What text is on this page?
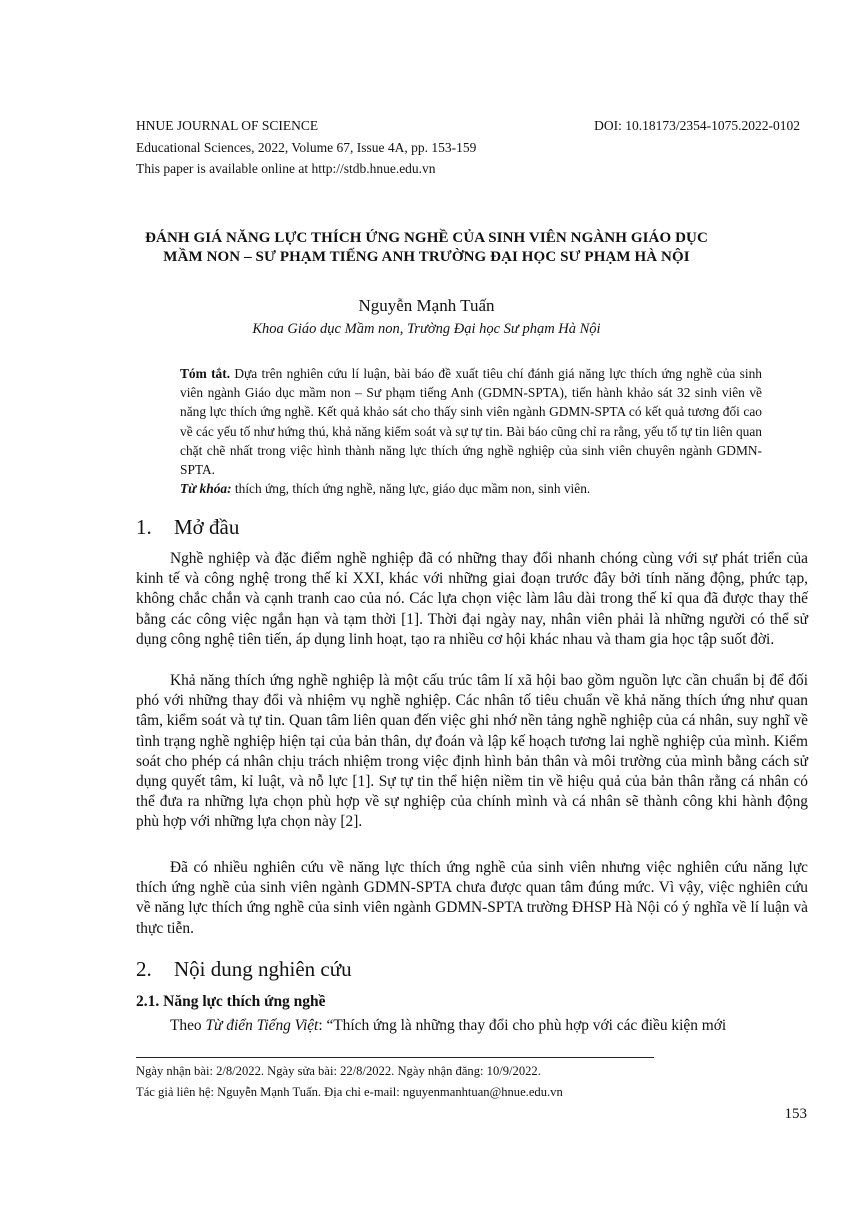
HNUE JOURNAL OF SCIENCE	DOI: 10.18173/2354-1075.2022-0102
Educational Sciences, 2022, Volume 67, Issue 4A, pp. 153-159
This paper is available online at http://stdb.hnue.edu.vn
ĐÁNH GIÁ NĂNG LỰC THÍCH ỨNG NGHỀ CỦA SINH VIÊN NGÀNH GIÁO DỤC
MẦM NON – SƯ PHẠM TIẾNG ANH TRƯỜNG ĐẠI HỌC SƯ PHẠM HÀ NỘI
Nguyễn Mạnh Tuấn
Khoa Giáo dục Mầm non, Trường Đại học Sư phạm Hà Nội
Tóm tắt. Dựa trên nghiên cứu lí luận, bài báo đề xuất tiêu chí đánh giá năng lực thích ứng nghề của sinh viên ngành Giáo dục mầm non – Sư phạm tiếng Anh (GDMN-SPTA), tiến hành khảo sát 32 sinh viên về năng lực thích ứng nghề. Kết quả khảo sát cho thấy sinh viên ngành GDMN-SPTA có kết quả tương đối cao về các yếu tố như hứng thú, khả năng kiểm soát và sự tự tin. Bài báo cũng chỉ ra rằng, yếu tố tự tin liên quan chặt chẽ nhất trong việc hình thành năng lực thích ứng nghề nghiệp của sinh viên chuyên ngành GDMN-SPTA.
Từ khóa: thích ứng, thích ứng nghề, năng lực, giáo dục mầm non, sinh viên.
1. Mở đầu

Nghề nghiệp và đặc điểm nghề nghiệp đã có những thay đổi nhanh chóng cùng với sự phát triển của kinh tế và công nghệ trong thế kỉ XXI, khác với những giai đoạn trước đây bởi tính năng động, phức tạp, không chắc chắn và cạnh tranh cao của nó. Các lựa chọn việc làm lâu dài trong thế kỉ qua đã được thay thế bằng các công việc ngắn hạn và tạm thời [1]. Thời đại ngày nay, nhân viên phải là những người có thể sử dụng công nghệ tiên tiến, áp dụng linh hoạt, tạo ra nhiều cơ hội khác nhau và tham gia học tập suốt đời.

Khả năng thích ứng nghề nghiệp là một cấu trúc tâm lí xã hội bao gồm nguồn lực cần chuẩn bị để đối phó với những thay đổi và nhiệm vụ nghề nghiệp. Các nhân tố tiêu chuẩn về khả năng thích ứng như quan tâm, kiểm soát và tự tin. Quan tâm liên quan đến việc ghi nhớ nền tảng nghề nghiệp của cá nhân, suy nghĩ về tình trạng nghề nghiệp hiện tại của bản thân, dự đoán và lập kế hoạch tương lai nghề nghiệp của mình. Kiểm soát cho phép cá nhân chịu trách nhiệm trong việc định hình bản thân và môi trường của mình bằng cách sử dụng quyết tâm, kỉ luật, và nỗ lực [1]. Sự tự tin thể hiện niềm tin về hiệu quả của bản thân rằng cá nhân có thể đưa ra những lựa chọn phù hợp về sự nghiệp của chính mình và cá nhân sẽ thành công khi hành động phù hợp với những lựa chọn này [2].

Đã có nhiều nghiên cứu về năng lực thích ứng nghề của sinh viên nhưng việc nghiên cứu năng lực thích ứng nghề của sinh viên ngành GDMN-SPTA chưa được quan tâm đúng mức. Vì vậy, việc nghiên cứu về năng lực thích ứng nghề của sinh viên ngành GDMN-SPTA trường ĐHSP Hà Nội có ý nghĩa về lí luận và thực tiễn.

2. Nội dung nghiên cứu
2.1. Năng lực thích ứng nghề

Theo Từ điển Tiếng Việt: “Thích ứng là những thay đổi cho phù hợp với các điều kiện mới

Ngày nhận bài: 2/8/2022. Ngày sửa bài: 22/8/2022. Ngày nhận đăng: 10/9/2022.
Tác giả liên hệ: Nguyễn Mạnh Tuấn. Địa chỉ e-mail: nguyenmanhtuan@hnue.edu.vn
153
